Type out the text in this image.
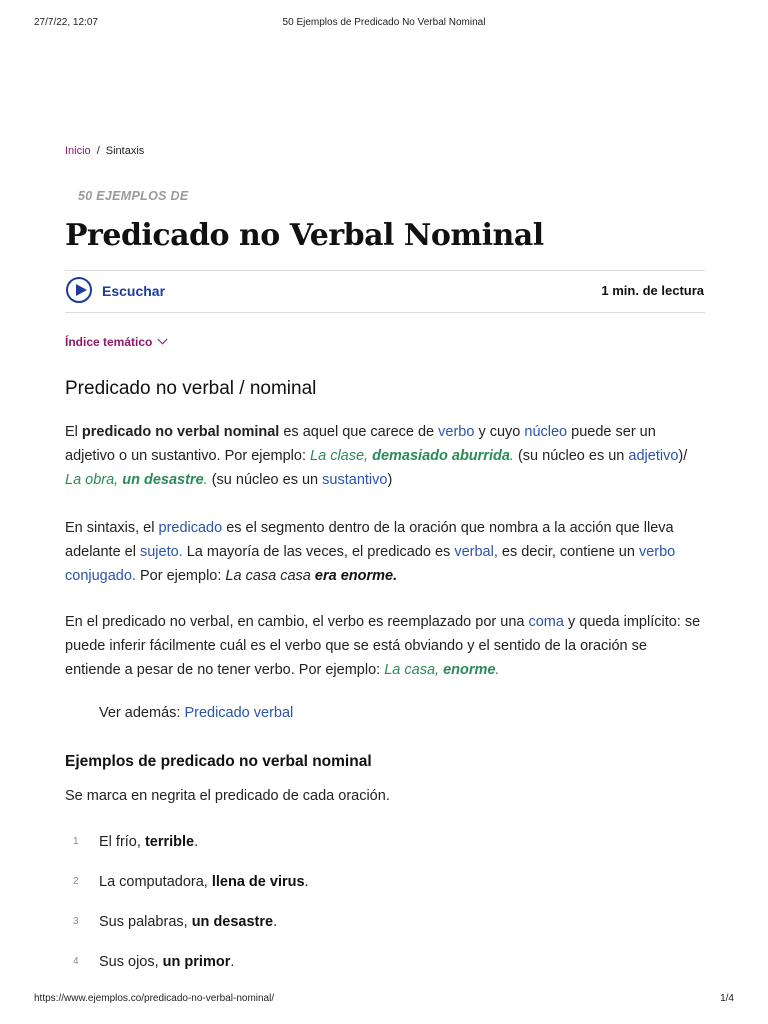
27/7/22, 12:07	50 Ejemplos de Predicado No Verbal Nominal
Inicio / Sintaxis
50 EJEMPLOS DE
Predicado no Verbal Nominal
Escuchar	1 min. de lectura
Índice temático
Predicado no verbal / nominal

El predicado no verbal nominal es aquel que carece de verbo y cuyo núcleo puede ser un adjetivo o un sustantivo. Por ejemplo: La clase, demasiado aburrida. (su núcleo es un adjetivo)/ La obra, un desastre. (su núcleo es un sustantivo)

En sintaxis, el predicado es el segmento dentro de la oración que nombra a la acción que lleva adelante el sujeto. La mayoría de las veces, el predicado es verbal, es decir, contiene un verbo conjugado. Por ejemplo: La casa casa era enorme.

En el predicado no verbal, en cambio, el verbo es reemplazado por una coma y queda implícito: se puede inferir fácilmente cuál es el verbo que se está obviando y el sentido de la oración se entiende a pesar de no tener verbo. Por ejemplo: La casa, enorme.

Ver además: Predicado verbal
Ejemplos de predicado no verbal nominal

Se marca en negrita el predicado de cada oración.

1 El frío, terrible.
2 La computadora, llena de virus.
3 Sus palabras, un desastre.
4 Sus ojos, un primor.
https://www.ejemplos.co/predicado-no-verbal-nominal/	1/4
